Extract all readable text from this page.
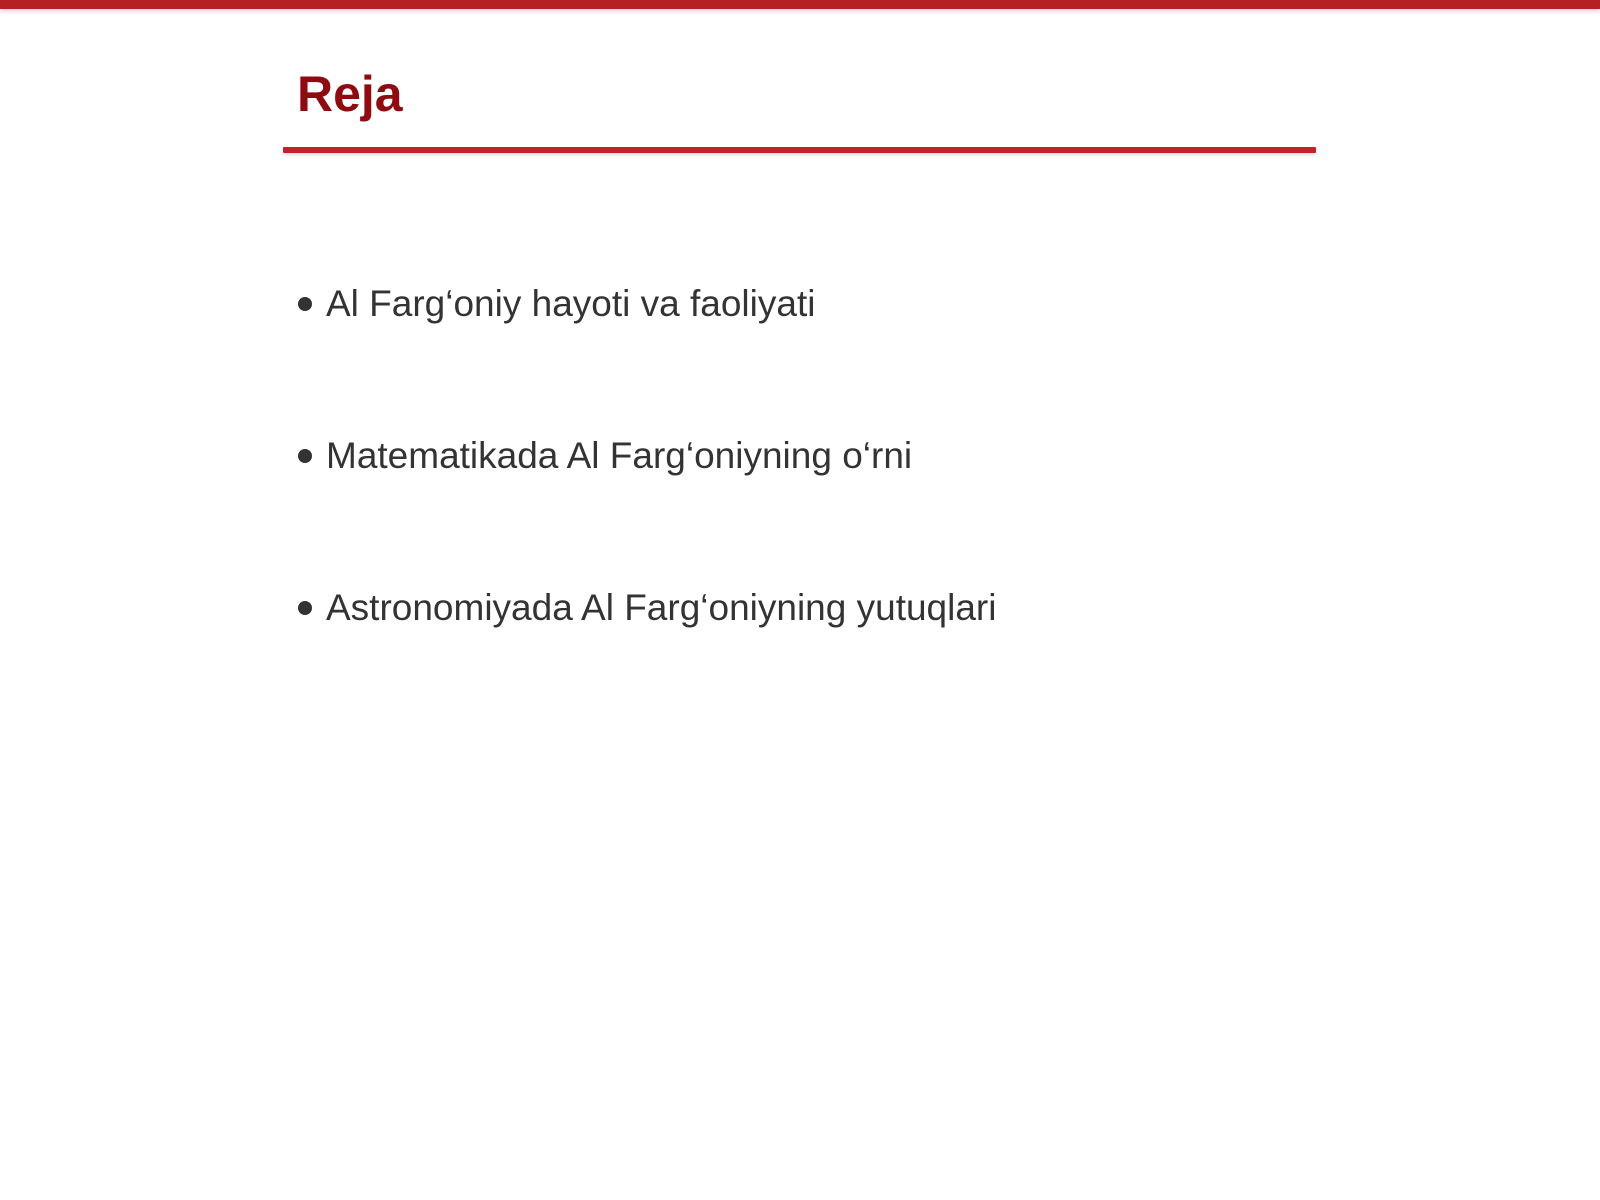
Reja
Al Farg‘oniy hayoti va faoliyati
Matematikada Al Farg‘oniyning o‘rni
Astronomiyada Al Farg‘oniyning yutuqlari
